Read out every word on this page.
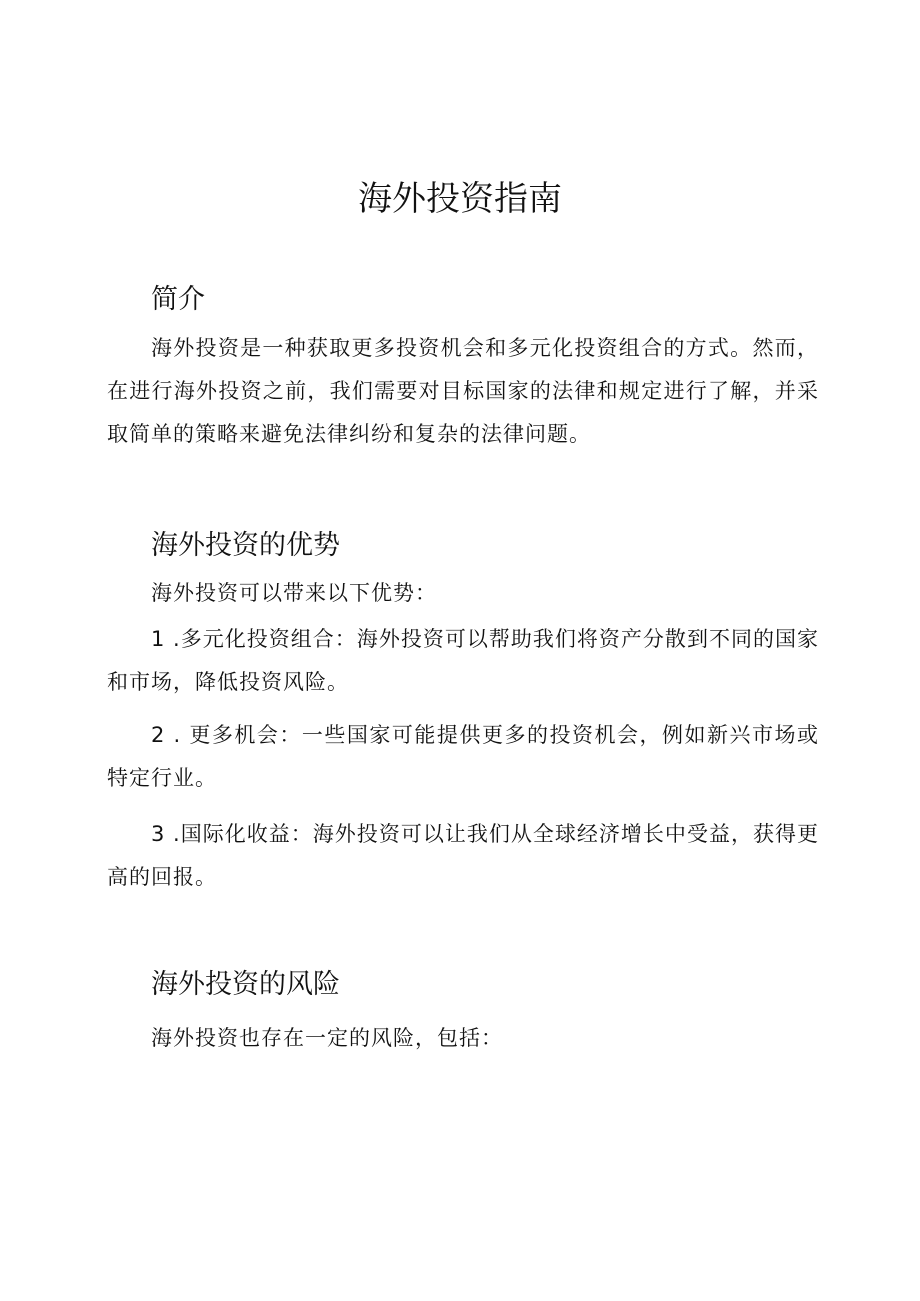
海外投资指南
简介

海外投资是一种获取更多投资机会和多元化投资组合的方式。然而，在进行海外投资之前，我们需要对目标国家的法律和规定进行了解，并采取简单的策略来避免法律纠纷和复杂的法律问题。

海外投资的优势

海外投资可以带来以下优势：

1 .多元化投资组合：海外投资可以帮助我们将资产分散到不同的国家和市场，降低投资风险。

2 . 更多机会：一些国家可能提供更多的投资机会，例如新兴市场或特定行业。

3 .国际化收益：海外投资可以让我们从全球经济增长中受益，获得更高的回报。

海外投资的风险

海外投资也存在一定的风险，包括：
